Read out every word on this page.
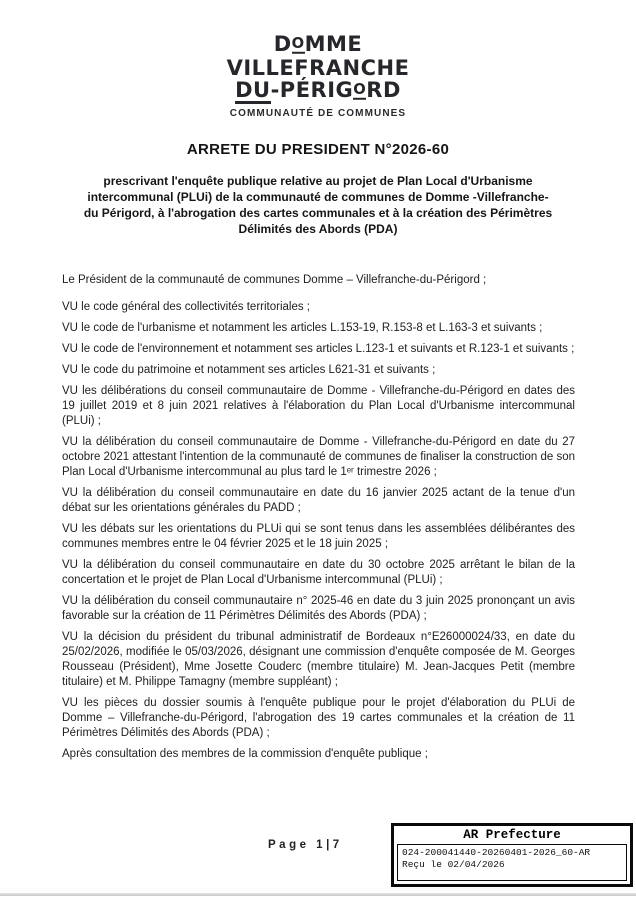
DOMME
VILLEFRANCHE
DU-PÉRIGORD
COMMUNAUTÉ DE COMMUNES
ARRETE DU PRESIDENT N°2026-60
prescrivant l'enquête publique relative au projet de Plan Local d'Urbanisme
intercommunal (PLUi) de la communauté de communes de Domme -Villefranche-
du Périgord, à l'abrogation des cartes communales et à la création des Périmètres
Délimités des Abords (PDA)

Le Président de la communauté de communes Domme – Villefranche-du-Périgord ;

VU le code général des collectivités territoriales ;

VU le code de l'urbanisme et notamment les articles L.153-19, R.153-8 et L.163-3 et suivants ;

VU le code de l'environnement et notamment ses articles L.123-1 et suivants et R.123-1 et suivants ;

VU le code du patrimoine et notamment ses articles L621-31 et suivants ;

VU les délibérations du conseil communautaire de Domme - Villefranche-du-Périgord en dates des 19 juillet 2019 et 8 juin 2021 relatives à l'élaboration du Plan Local d'Urbanisme intercommunal (PLUi) ;

VU la délibération du conseil communautaire de Domme - Villefranche-du-Périgord en date du 27 octobre 2021 attestant l'intention de la communauté de communes de finaliser la construction de son Plan Local d'Urbanisme intercommunal au plus tard le 1ᵉʳ trimestre 2026 ;

VU la délibération du conseil communautaire en date du 16 janvier 2025 actant de la tenue d'un débat sur les orientations générales du PADD ;

VU les débats sur les orientations du PLUi qui se sont tenus dans les assemblées délibérantes des communes membres entre le 04 février 2025 et le 18 juin 2025 ;

VU la délibération du conseil communautaire en date du 30 octobre 2025 arrêtant le bilan de la concertation et le projet de Plan Local d'Urbanisme intercommunal (PLUi) ;

VU la délibération du conseil communautaire n° 2025-46 en date du 3 juin 2025 prononçant un avis favorable sur la création de 11 Périmètres Délimités des Abords (PDA) ;

VU la décision du président du tribunal administratif de Bordeaux n°E26000024/33, en date du 25/02/2026, modifiée le 05/03/2026, désignant une commission d'enquête composée de M. Georges Rousseau (Président), Mme Josette Couderc (membre titulaire) M. Jean-Jacques Petit (membre titulaire) et M. Philippe Tamagny (membre suppléant) ;

VU les pièces du dossier soumis à l'enquête publique pour le projet d'élaboration du PLUi de Domme – Villefranche-du-Périgord, l'abrogation des 19 cartes communales et la création de 11 Périmètres Délimités des Abords (PDA) ;

Après consultation des membres de la commission d'enquête publique ;

Page 1|7
AR Prefecture
024-200041440-20260401-2026_60-AR
Reçu le 02/04/2026
